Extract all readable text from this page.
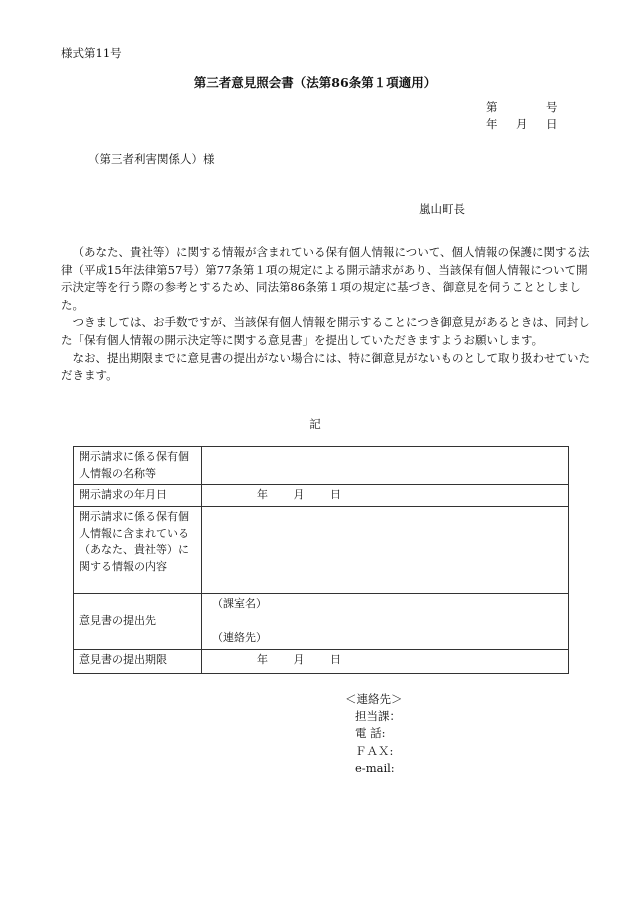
様式第11号
第三者意見照会書（法第86条第１項適用）
第	号
年 月 日
（第三者利害関係人）様
嵐山町長

（あなた、貴社等）に関する情報が含まれている保有個人情報について、個人情報の保護に関する法律（平成15年法律第57号）第77条第１項の規定による開示請求があり、当該保有個人情報について開示決定等を行う際の参考とするため、同法第86条第１項の規定に基づき、御意見を伺うこととしました。

つきましては、お手数ですが、当該保有個人情報を開示することにつき御意見があるときは、同封した「保有個人情報の開示決定等に関する意見書」を提出していただきますようお願いします。

なお、提出期限までに意見書の提出がない場合には、特に御意見がないものとして取り扱わせていただきます。

記
開示請求に係る保有個人情報の名称等	
開示請求の年月日	年 月 日
開示請求に係る保有個人情報に含まれている（あなた、貴社等）に関する情報の内容	
意見書の提出先	（課室名）
（連絡先）

意見書の提出期限	年 月 日
＜連絡先＞
担当課：
電 話:
ＦＡＸ:
e-mail:
